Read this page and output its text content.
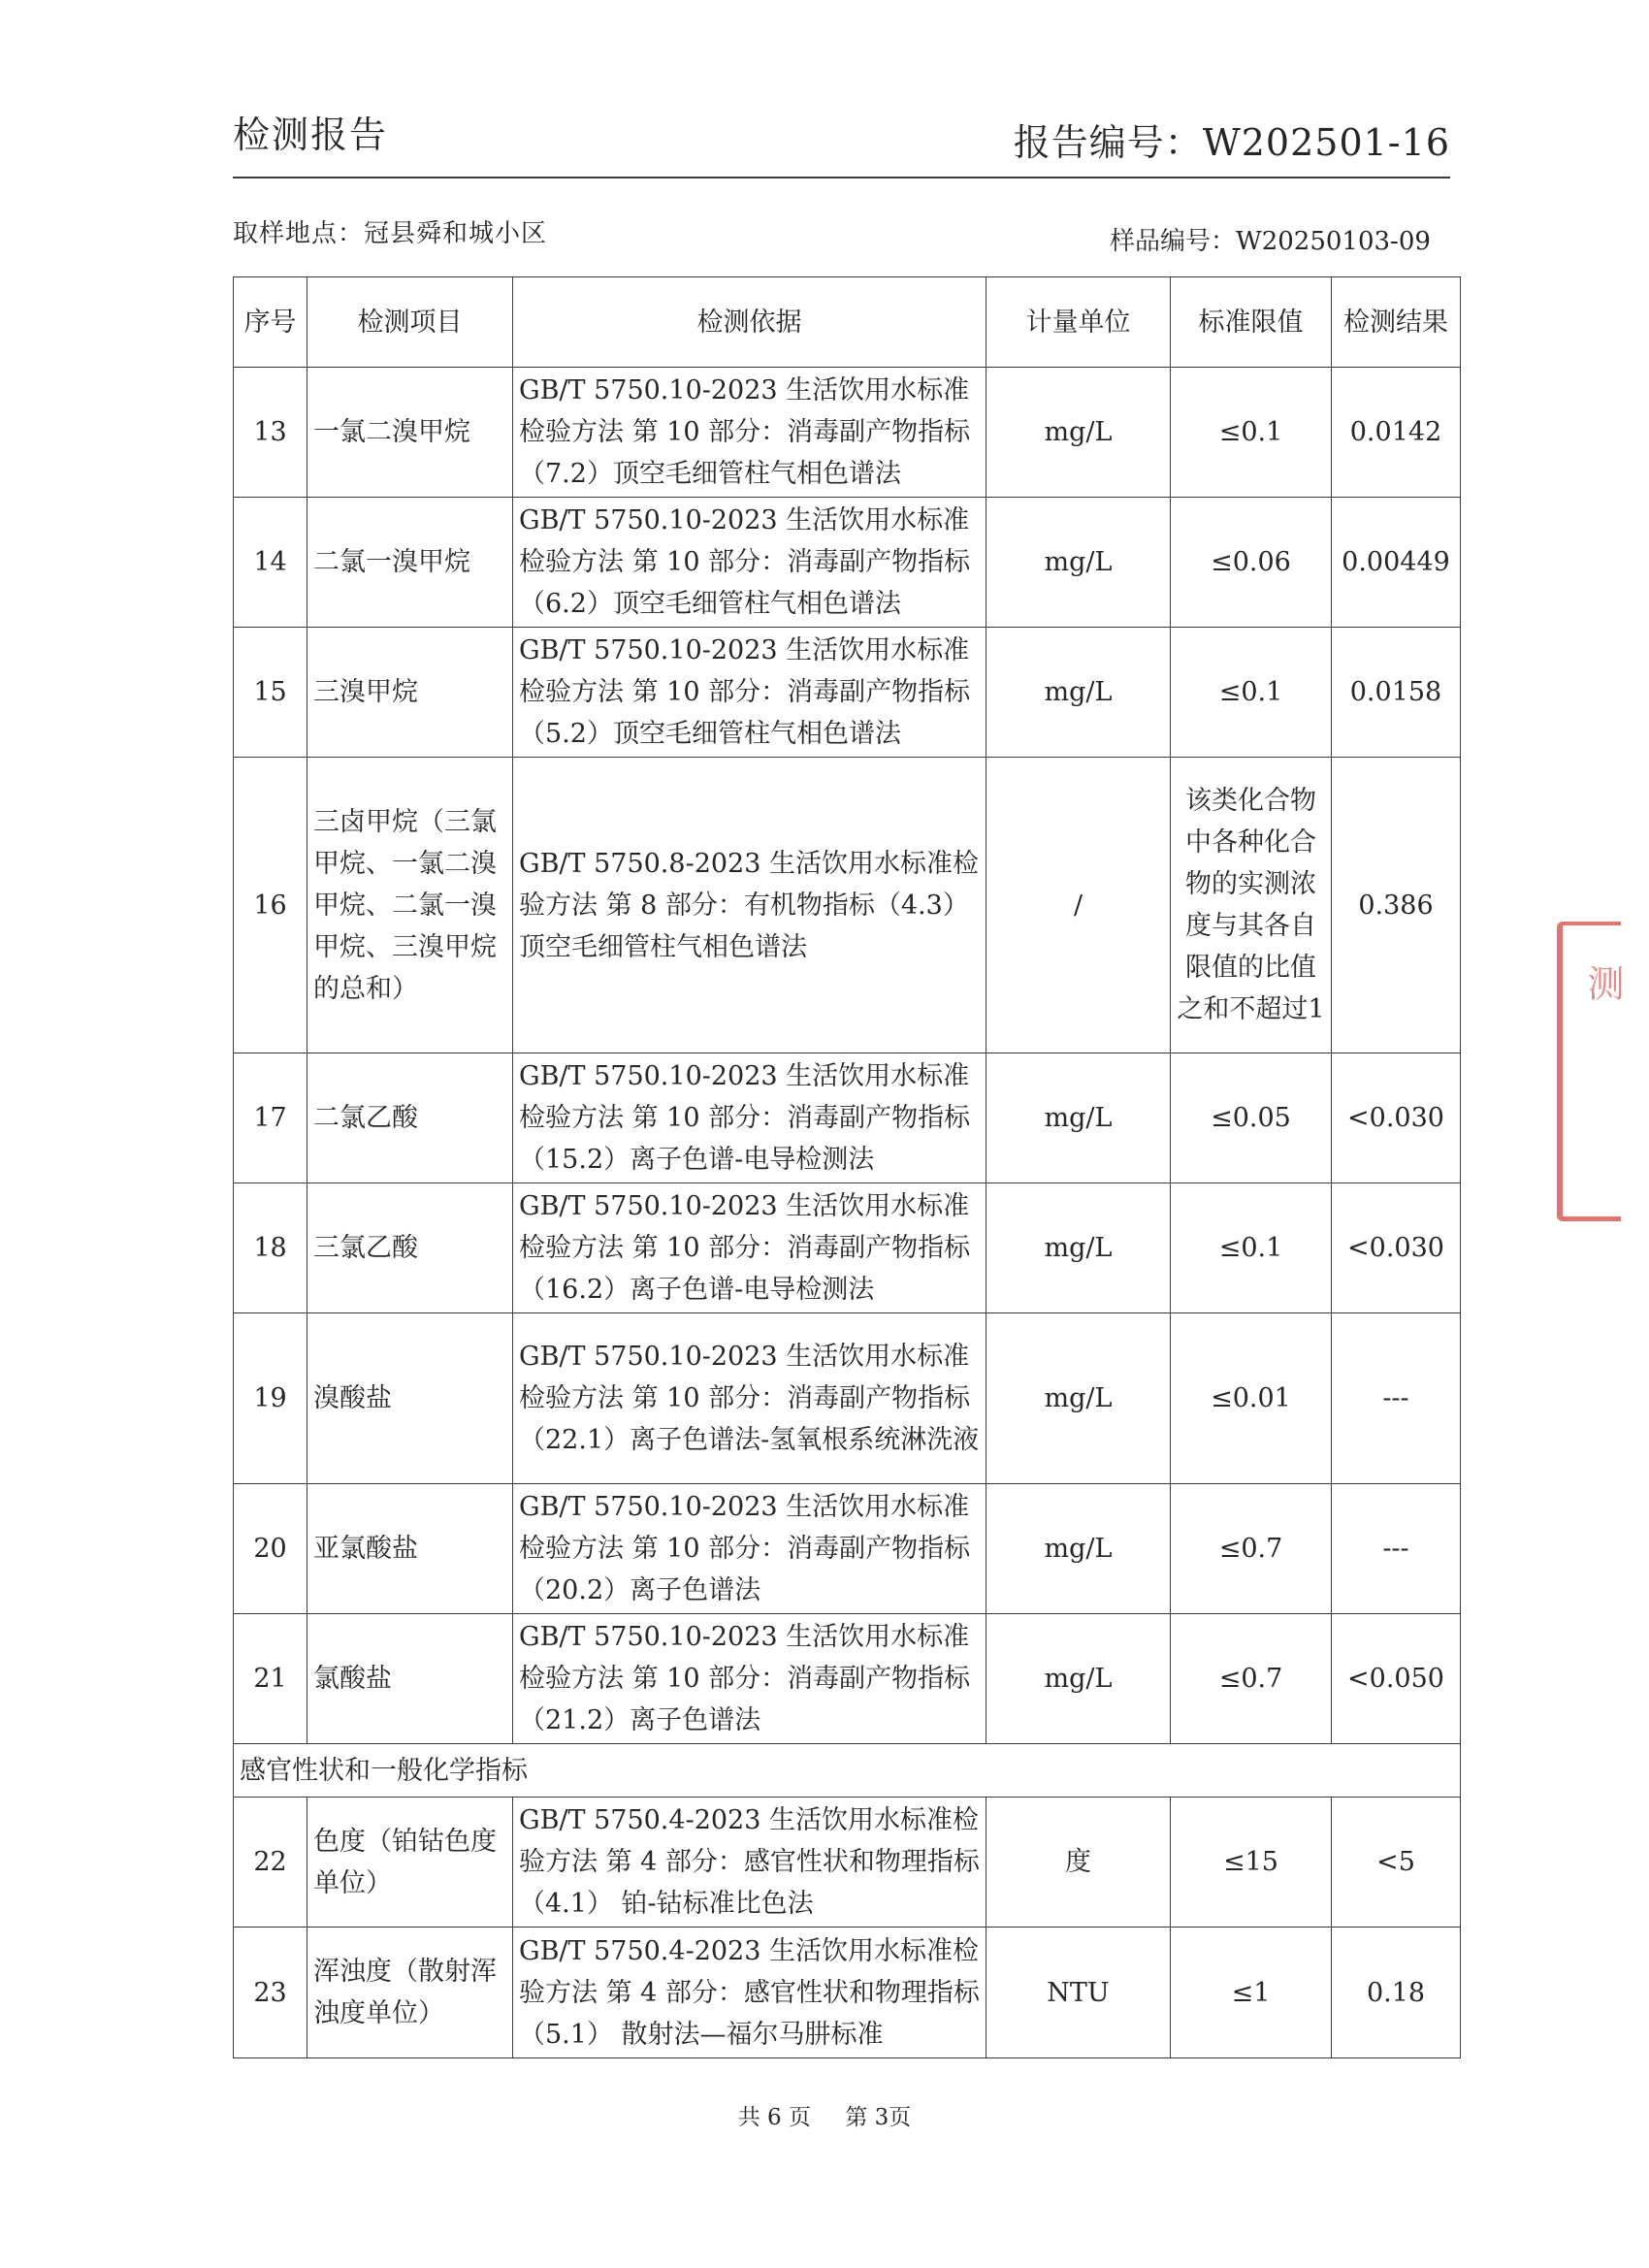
检测报告	报告编号：W202501-16
取样地点：冠县舜和城小区	样品编号：W20250103-09
序号	检测项目	检测依据	计量单位	标准限值	检测结果
13	一氯二溴甲烷	GB/T 5750.10-2023 生活饮用水标准检验方法 第 10 部分：消毒副产物指标（7.2）顶空毛细管柱气相色谱法	mg/L	≤0.1	0.0142
14	二氯一溴甲烷	GB/T 5750.10-2023 生活饮用水标准检验方法 第 10 部分：消毒副产物指标（6.2）顶空毛细管柱气相色谱法	mg/L	≤0.06	0.00449
15	三溴甲烷	GB/T 5750.10-2023 生活饮用水标准检验方法 第 10 部分：消毒副产物指标（5.2）顶空毛细管柱气相色谱法	mg/L	≤0.1	0.0158
16	三卤甲烷（三氯甲烷、一氯二溴甲烷、二氯一溴甲烷、三溴甲烷的总和）	GB/T 5750.8-2023 生活饮用水标准检验方法 第 8 部分：有机物指标（4.3）顶空毛细管柱气相色谱法	/	该类化合物中各种化合物的实测浓度与其各自限值的比值之和不超过1	0.386
17	二氯乙酸	GB/T 5750.10-2023 生活饮用水标准检验方法 第 10 部分：消毒副产物指标（15.2）离子色谱-电导检测法	mg/L	≤0.05	<0.030
18	三氯乙酸	GB/T 5750.10-2023 生活饮用水标准检验方法 第 10 部分：消毒副产物指标（16.2）离子色谱-电导检测法	mg/L	≤0.1	<0.030
19	溴酸盐	GB/T 5750.10-2023 生活饮用水标准检验方法 第 10 部分：消毒副产物指标（22.1）离子色谱法-氢氧根系统淋洗液	mg/L	≤0.01	---
20	亚氯酸盐	GB/T 5750.10-2023 生活饮用水标准检验方法 第 10 部分：消毒副产物指标（20.2）离子色谱法	mg/L	≤0.7	---
21	氯酸盐	GB/T 5750.10-2023 生活饮用水标准检验方法 第 10 部分：消毒副产物指标（21.2）离子色谱法	mg/L	≤0.7	<0.050
感官性状和一般化学指标					
22	色度（铂钴色度单位）	GB/T 5750.4-2023 生活饮用水标准检验方法 第 4 部分：感官性状和物理指标（4.1） 铂-钴标准比色法	度	≤15	<5
23	浑浊度（散射浑浊度单位）	GB/T 5750.4-2023 生活饮用水标准检验方法 第 4 部分：感官性状和物理指标（5.1） 散射法—福尔马肼标准	NTU	≤1	0.18
共 6 页 第 3页
测
